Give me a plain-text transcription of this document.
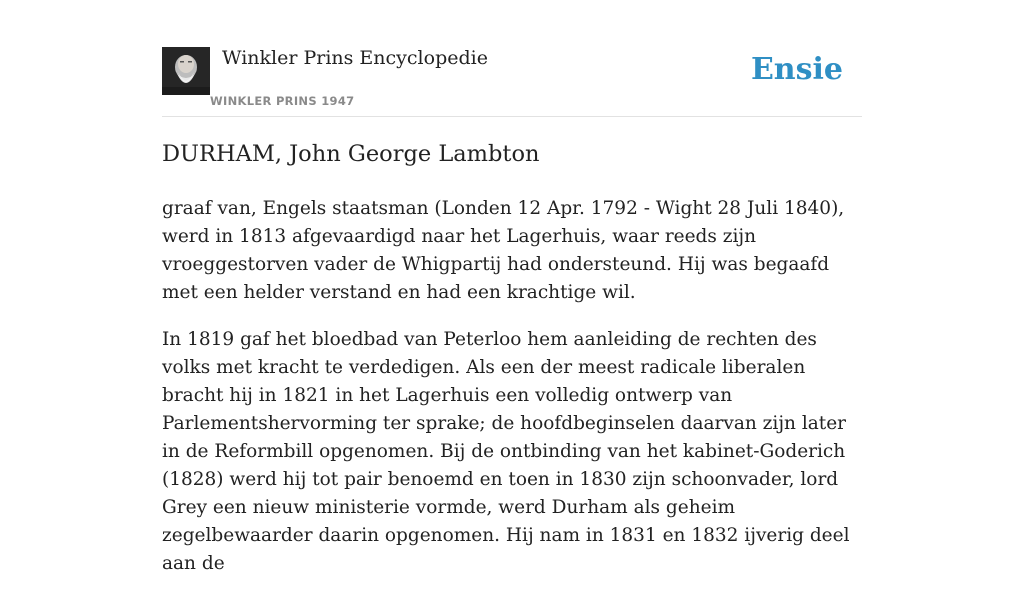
Winkler Prins Encyclopedie
WINKLER PRINS 1947
Ensie
DURHAM, John George Lambton

graaf van, Engels staatsman (Londen 12 Apr. 1792 - Wight 28 Juli 1840), werd in 1813 afgevaardigd naar het Lagerhuis, waar reeds zijn vroeggestorven vader de Whigpartij had ondersteund. Hij was begaafd met een helder verstand en had een krachtige wil.

In 1819 gaf het bloedbad van Peterloo hem aanleiding de rechten des volks met kracht te verdedigen. Als een der meest radicale liberalen bracht hij in 1821 in het Lagerhuis een volledig ontwerp van Parlementshervorming ter sprake; de hoofdbeginselen daarvan zijn later in de Reformbill opgenomen. Bij de ontbinding van het kabinet-Goderich (1828) werd hij tot pair benoemd en toen in 1830 zijn schoonvader, lord Grey een nieuw ministerie vormde, werd Durham als geheim zegelbewaarder daarin opgenomen. Hij nam in 1831 en 1832 ijverig deel aan de
